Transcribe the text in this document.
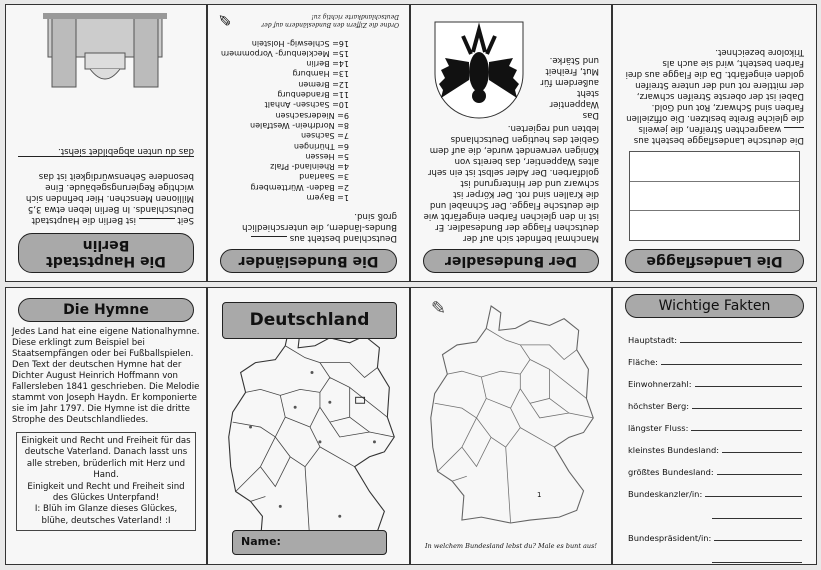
Die Hauptstadt
Berlin
Seit  ist Berlin die Hauptstadt Deutschlands. In Berlin leben etwa 3,5 Millionen Menschen. Hier befinden sich wichtige Regierungsgebäude. Eine besondere Sehenswürdigkeit ist das
das du unten abgebildet siehst.
Die Bundesländer
Deutschland besteht aus  Bundes-ländern, die unterschiedlich groß sind.
1= Bayern
2= Baden- Württemberg
3= Saarland
4= Rheinland- Pfalz
5= Hessen
6= Thüringen
7= Sachsen
8= Nordrhein- Westfalen
9= Niedersachsen
10= Sachsen- Anhalt
11= Brandenburg
12= Bremen
13= Hamburg
14= Berlin
15= Mecklenburg- Vorpommern
16= Schleswig- Holstein
Ordne die Ziffern den Bundesländern auf der Deutschlandkarte richtig zu!
✎
Der Bundesadler
Manchmal befindet sich auf der deutschen Flagge der Bundesadler. Er ist in den gleichen Farben eingefärbt wie die deutsche Flagge. Der Schnabel und die Krallen sind rot. Der Körper ist schwarz und der Hintergrund ist goldfarben. Der Adler selbst ist ein sehr altes Wappentier, das bereits von Königen verwendet wurde, die auf dem Gebiet des heutigen Deutschlands lebten und regierten.
Das Wappentier steht außerdem für Mut, Freiheit und Stärke.
Die Landesflagge
Die deutsche Landesflagge besteht aus  waagrechten Streifen, die jeweils die gleiche Breite besitzen. Die offiziellen Farben sind Schwarz, Rot und Gold. Dabei ist der oberste Streifen schwarz, der mittlere rot und der untere Streifen golden eingefärbt. Da die Flagge aus drei Farben besteht, wird sie auch als Trikolore bezeichnet.
Die Hymne
Jedes Land hat eine eigene Nationalhymne. Diese erklingt zum Beispiel bei Staatsempfängen oder bei Fußballspielen. Den Text der deutschen Hymne hat der Dichter August Heinrich Hoffmann von Fallersleben 1841 geschrieben. Die Melodie stammt von Joseph Haydn. Er komponierte sie im Jahr 1797. Die Hymne ist die dritte Strophe des Deutschlandliedes.
Einigkeit und Recht und Freiheit für das deutsche Vaterland. Danach lasst uns alle streben, brüderlich mit Herz und Hand.
Einigkeit und Recht und Freiheit sind des Glückes Unterpfand!
I: Blüh im Glanze dieses Glückes, blühe, deutsches Vaterland! :I
Deutschland
Name:
✎
1
In welchem Bundesland lebst du? Male es bunt aus!
Wichtige Fakten
Hauptstadt:
Fläche:
Einwohnerzahl:
höchster Berg:
längster Fluss:
kleinstes Bundesland:
größtes Bundesland:
Bundeskanzler/in:
Bundespräsident/in:
